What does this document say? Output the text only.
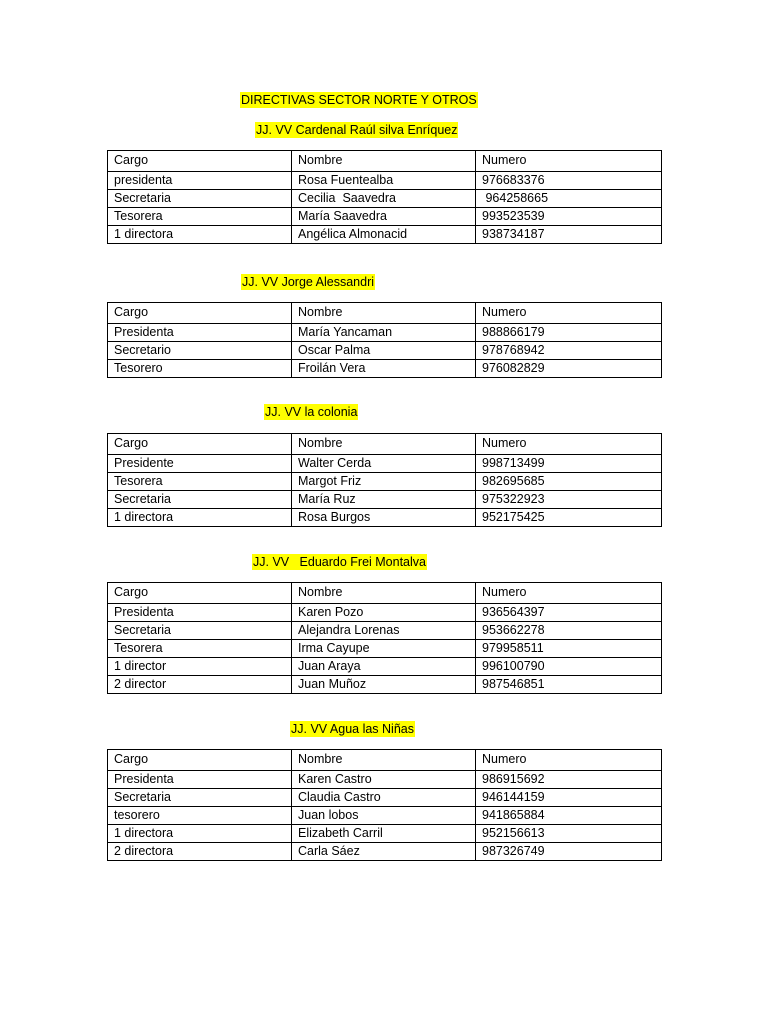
DIRECTIVAS SECTOR NORTE Y OTROS
JJ. VV Cardenal Raúl silva Enríquez
Cargo	Nombre	Numero
presidenta	Rosa Fuentealba	976683376
Secretaria	Cecilia  Saavedra	964258665
Tesorera	María Saavedra	993523539
1 directora	Angélica Almonacid	938734187
JJ. VV Jorge Alessandri
Cargo	Nombre	Numero
Presidenta	María Yancaman	988866179
Secretario	Oscar Palma	978768942
Tesorero	Froilán Vera	976082829
JJ. VV la colonia
Cargo	Nombre	Numero
Presidente	Walter Cerda	998713499
Tesorera	Margot Friz	982695685
Secretaria	María Ruz	975322923
1 directora	Rosa Burgos	952175425
JJ. VV   Eduardo Frei Montalva
Cargo	Nombre	Numero
Presidenta	Karen Pozo	936564397
Secretaria	Alejandra Lorenas	953662278
Tesorera	Irma Cayupe	979958511
1 director	Juan Araya	996100790
2 director	Juan Muñoz	987546851
JJ. VV Agua las Niñas
Cargo	Nombre	Numero
Presidenta	Karen Castro	986915692
Secretaria	Claudia Castro	946144159
tesorero	Juan lobos	941865884
1 directora	Elizabeth Carril	952156613
2 directora	Carla Sáez	987326749
